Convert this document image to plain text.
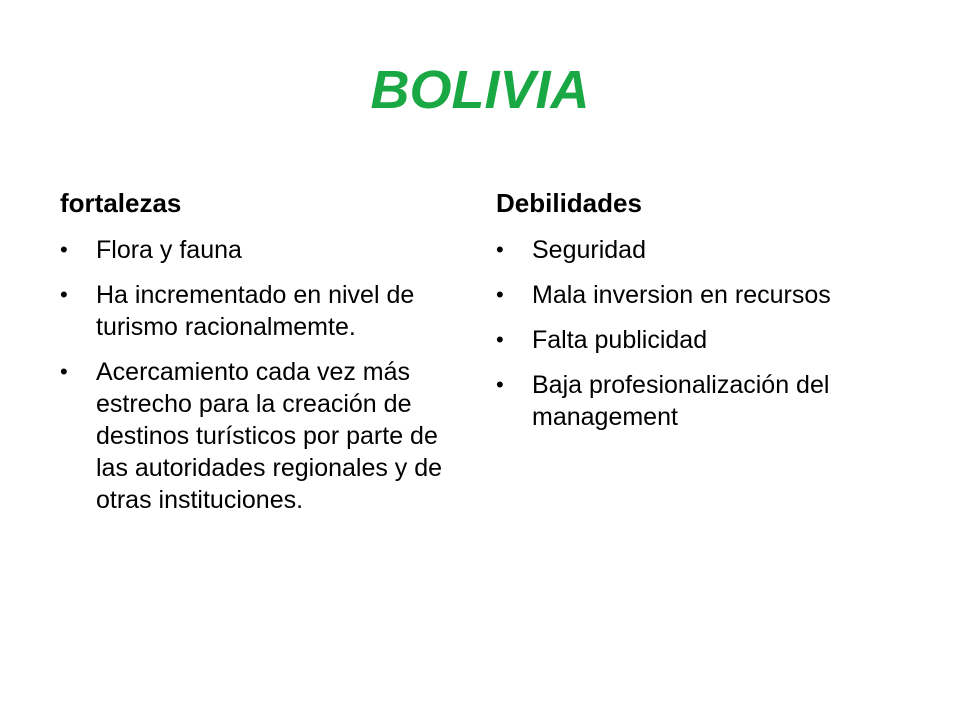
BOLIVIA
fortalezas
•	Flora y fauna
•	Ha incrementado en nivel de turismo racionalmemte.
•	Acercamiento cada vez más estrecho para la creación de destinos turísticos por parte de las autoridades regionales y de otras instituciones.
Debilidades
•	Seguridad
•	Mala inversion en recursos
•	Falta publicidad
•	Baja profesionalización del management
